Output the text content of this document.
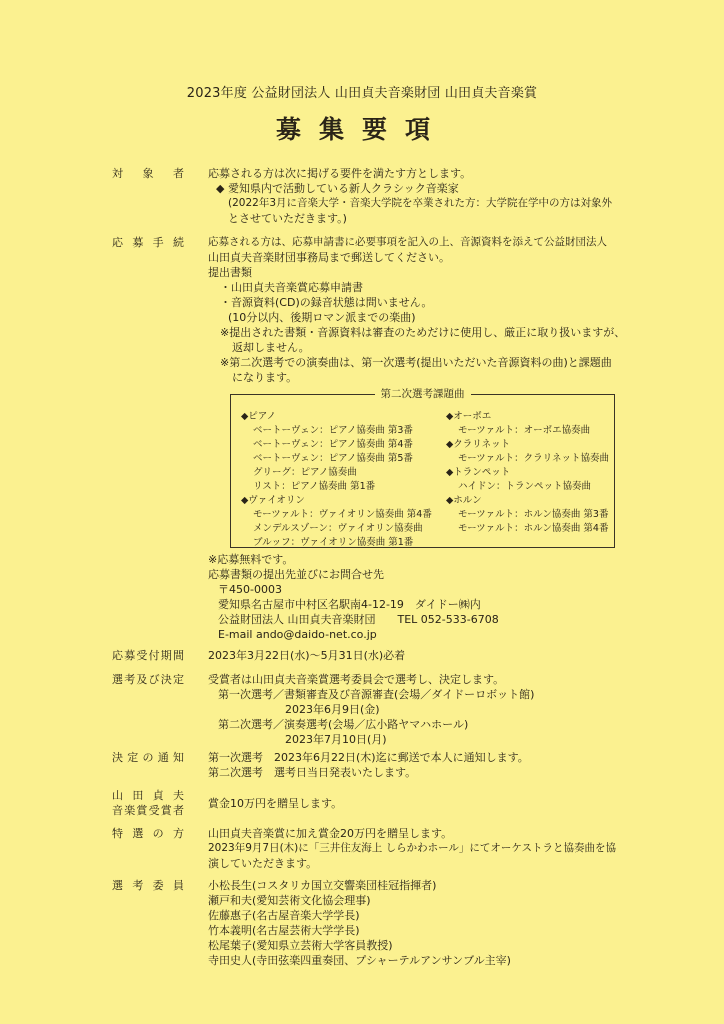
2023年度 公益財団法人 山田貞夫音楽財団 山田貞夫音楽賞
募集要項
対象者 応募される方は次に掲げる要件を満たす方とします。
◆ 愛知県内で活動している新人クラシック音楽家
(2022年3月に音楽大学・音楽大学院を卒業された方：大学院在学中の方は対象外
とさせていただきます。)
応募手続 応募される方は、応募申請書に必要事項を記入の上、音源資料を添えて公益財団法人
山田貞夫音楽財団事務局まで郵送してください。
提出書類
・山田貞夫音楽賞応募申請書
・音源資料(CD)の録音状態は問いません。
(10分以内、後期ロマン派までの楽曲)
※提出された書類・音源資料は審査のためだけに使用し、厳正に取り扱いますが、
返却しません。
※第二次選考での演奏曲は、第一次選考(提出いただいた音源資料の曲)と課題曲
になります。
第二次選考課題曲
◆ピアノ
ベートーヴェン：ピアノ協奏曲 第3番
ベートーヴェン：ピアノ協奏曲 第4番
ベートーヴェン：ピアノ協奏曲 第5番
グリーグ：ピアノ協奏曲
リスト：ピアノ協奏曲 第1番
◆ヴァイオリン
モーツァルト：ヴァイオリン協奏曲 第4番
メンデルスゾーン：ヴァイオリン協奏曲
ブルッフ：ヴァイオリン協奏曲 第1番
◆オーボエ
モーツァルト：オーボエ協奏曲
◆クラリネット
モーツァルト：クラリネット協奏曲
◆トランペット
ハイドン：トランペット協奏曲
◆ホルン
モーツァルト：ホルン協奏曲 第3番
モーツァルト：ホルン協奏曲 第4番
※応募無料です。
応募書類の提出先並びにお問合せ先
〒450-0003
愛知県名古屋市中村区名駅南4-12-19　ダイドー㈱内
公益財団法人 山田貞夫音楽財団　　TEL 052-533-6708
E-mail ando@daido-net.co.jp
応募受付期間 2023年3月22日(水)～5月31日(水)必着
選考及び決定 受賞者は山田貞夫音楽賞選考委員会で選考し、決定します。
第一次選考／書類審査及び音源審査(会場／ダイドーロボット館)
2023年6月9日(金)
第二次選考／演奏選考(会場／広小路ヤマハホール)
2023年7月10日(月)
決定の通知 第一次選考　2023年6月22日(木)迄に郵送で本人に通知します。
第二次選考　選考日当日発表いたします。
山田貞夫
音楽賞受賞者
賞金10万円を贈呈します。
特選の方 山田貞夫音楽賞に加え賞金20万円を贈呈します。
2023年9月7日(木)に「三井住友海上 しらかわホール」にてオーケストラと協奏曲を協
演していただきます。
選考委員 小松長生(コスタリカ国立交響楽団桂冠指揮者)
瀬戸和夫(愛知芸術文化協会理事)
佐藤惠子(名古屋音楽大学学長)
竹本義明(名古屋芸術大学学長)
松尾葉子(愛知県立芸術大学客員教授)
寺田史人(寺田弦楽四重奏団、プシャーテルアンサンブル主宰)
